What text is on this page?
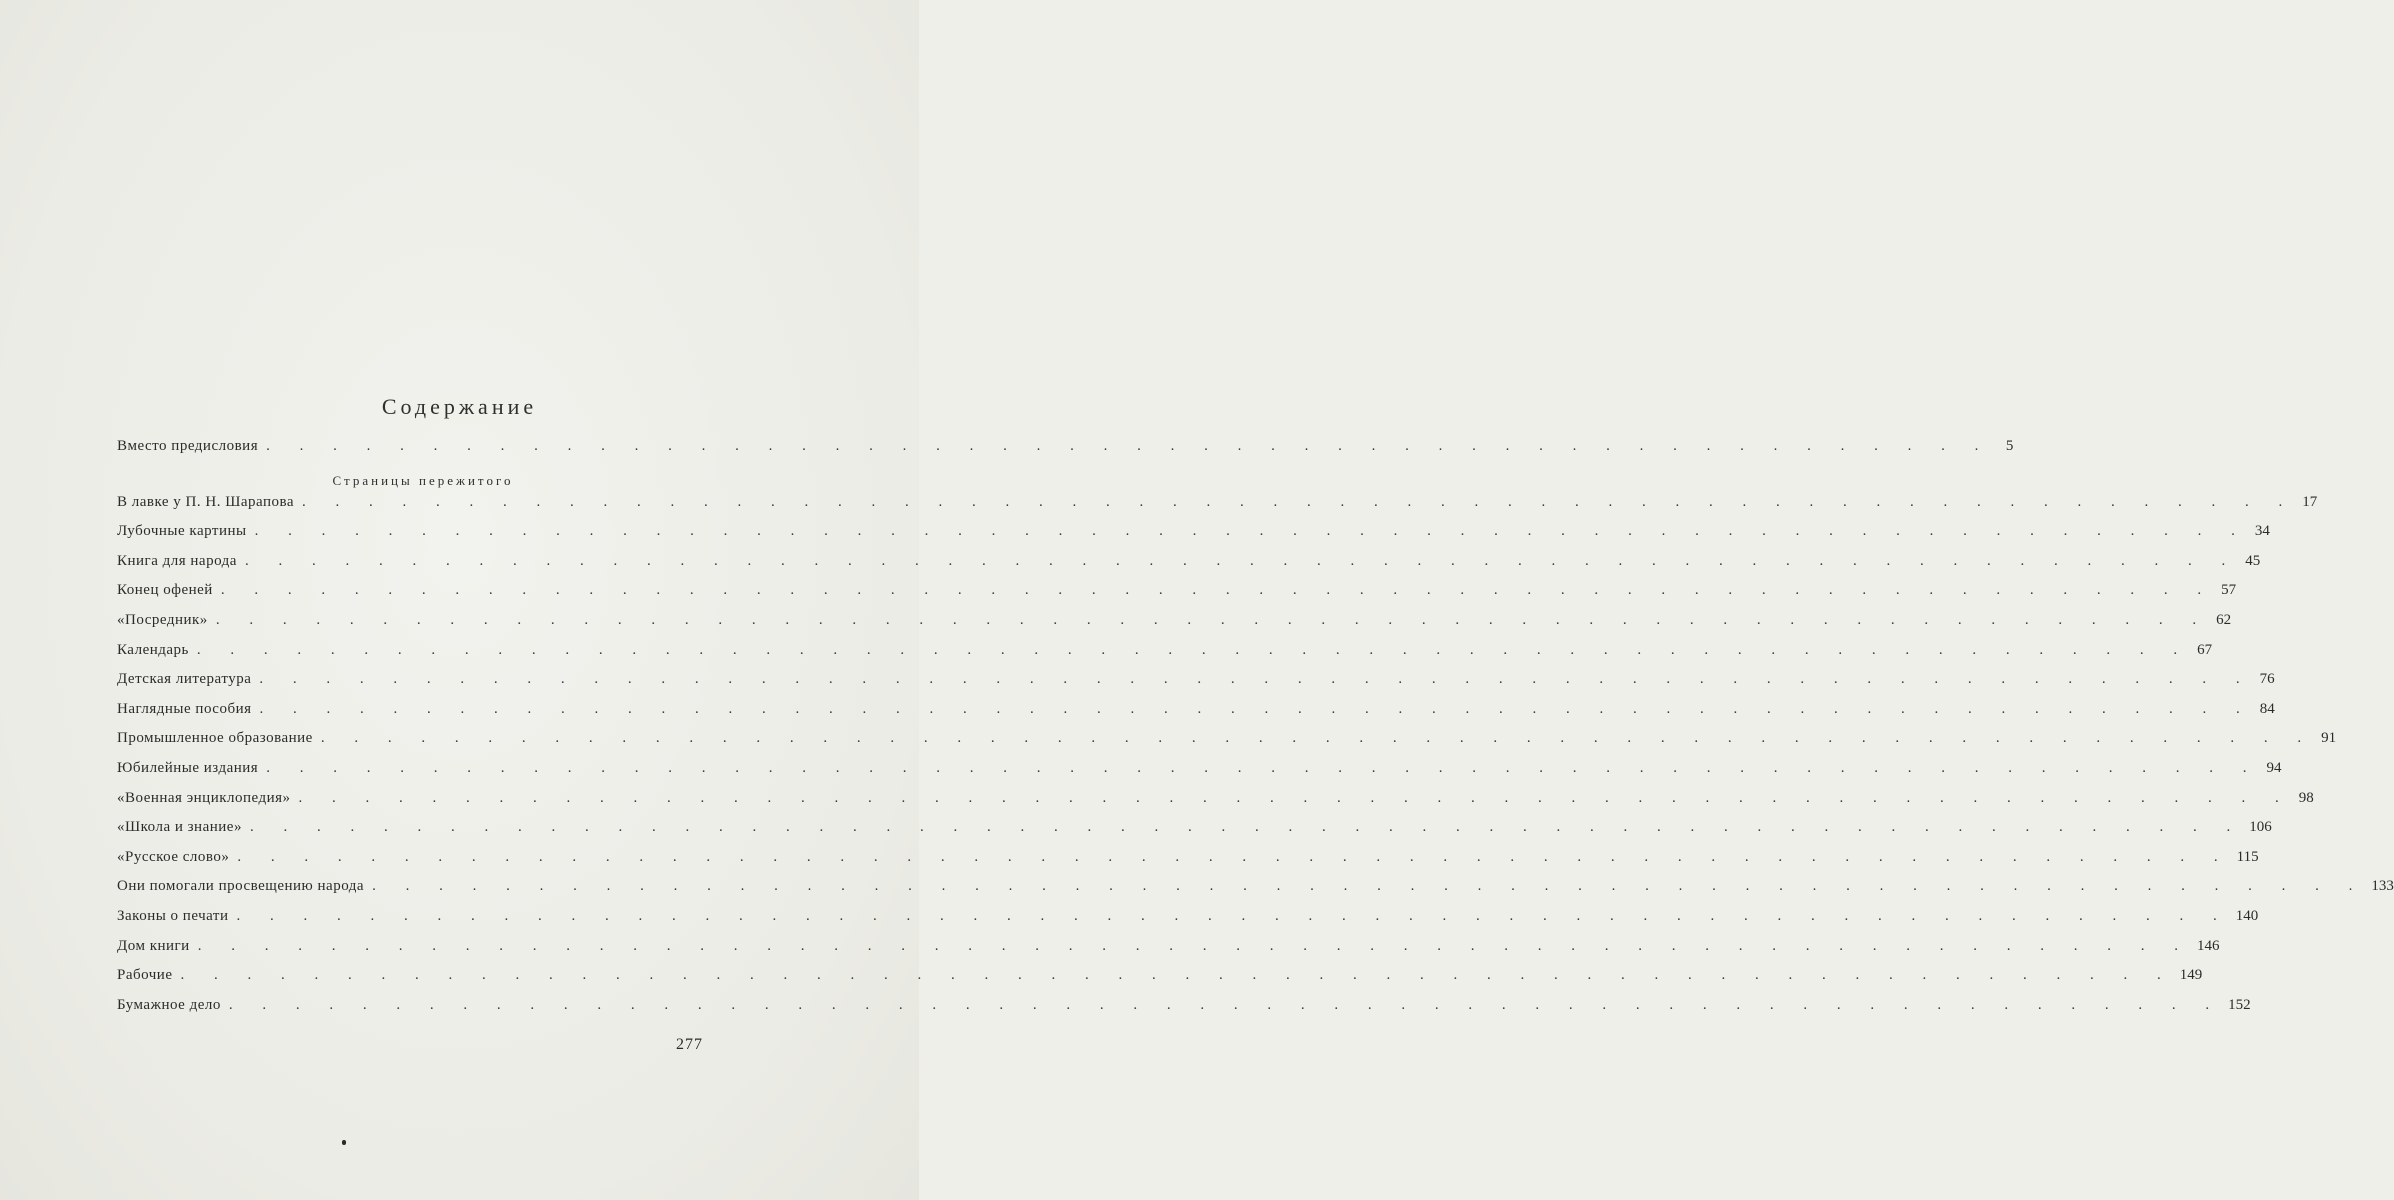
Содержание
Вместо предисловия . . . . . . . . . . . . . . . . . . . . . . . . . . . . . . . . . . . . . . . . . . . . . . . . . . . . 5
Страницы пережитого
В лавке у П. Н. Шарапова . . . . . . . . . . . . . . . . . . . . . . . . . . . . . . . . . . . . . . . . . . . . . . . . . . . . . . . . . . . . 17
Лубочные картины . . . . . . . . . . . . . . . . . . . . . . . . . . . . . . . . . . . . . . . . . . . . . . . . . . . . . . . . . . . . 34
Книга для народа . . . . . . . . . . . . . . . . . . . . . . . . . . . . . . . . . . . . . . . . . . . . . . . . . . . . . . . . . . . . 45
Конец офеней . . . . . . . . . . . . . . . . . . . . . . . . . . . . . . . . . . . . . . . . . . . . . . . . . . . . . . . . . . . . 57
«Посредник» . . . . . . . . . . . . . . . . . . . . . . . . . . . . . . . . . . . . . . . . . . . . . . . . . . . . . . . . . . . . 62
Календарь . . . . . . . . . . . . . . . . . . . . . . . . . . . . . . . . . . . . . . . . . . . . . . . . . . . . . . . . . . . . 67
Детская литература . . . . . . . . . . . . . . . . . . . . . . . . . . . . . . . . . . . . . . . . . . . . . . . . . . . . . . . . . . . . 76
Наглядные пособия . . . . . . . . . . . . . . . . . . . . . . . . . . . . . . . . . . . . . . . . . . . . . . . . . . . . . . . . . . . . 84
Промышленное образование . . . . . . . . . . . . . . . . . . . . . . . . . . . . . . . . . . . . . . . . . . . . . . . . . . . . . . . . . . . . 91
Юбилейные издания . . . . . . . . . . . . . . . . . . . . . . . . . . . . . . . . . . . . . . . . . . . . . . . . . . . . . . . . . . . . 94
«Военная энциклопедия» . . . . . . . . . . . . . . . . . . . . . . . . . . . . . . . . . . . . . . . . . . . . . . . . . . . . . . . . . . . . 98
«Школа и знание» . . . . . . . . . . . . . . . . . . . . . . . . . . . . . . . . . . . . . . . . . . . . . . . . . . . . . . . . . . . . 106
«Русское слово» . . . . . . . . . . . . . . . . . . . . . . . . . . . . . . . . . . . . . . . . . . . . . . . . . . . . . . . . . . . . 115
Они помогали просвещению народа . . . . . . . . . . . . . . . . . . . . . . . . . . . . . . . . . . . . . . . . . . . . . . . . . . . . . . . . . . . . 133
Законы о печати . . . . . . . . . . . . . . . . . . . . . . . . . . . . . . . . . . . . . . . . . . . . . . . . . . . . . . . . . . . . 140
Дом книги . . . . . . . . . . . . . . . . . . . . . . . . . . . . . . . . . . . . . . . . . . . . . . . . . . . . . . . . . . . . 146
Рабочие . . . . . . . . . . . . . . . . . . . . . . . . . . . . . . . . . . . . . . . . . . . . . . . . . . . . . . . . . . . . 149
Бумажное дело . . . . . . . . . . . . . . . . . . . . . . . . . . . . . . . . . . . . . . . . . . . . . . . . . . . . . . . . . . . . 152
277
